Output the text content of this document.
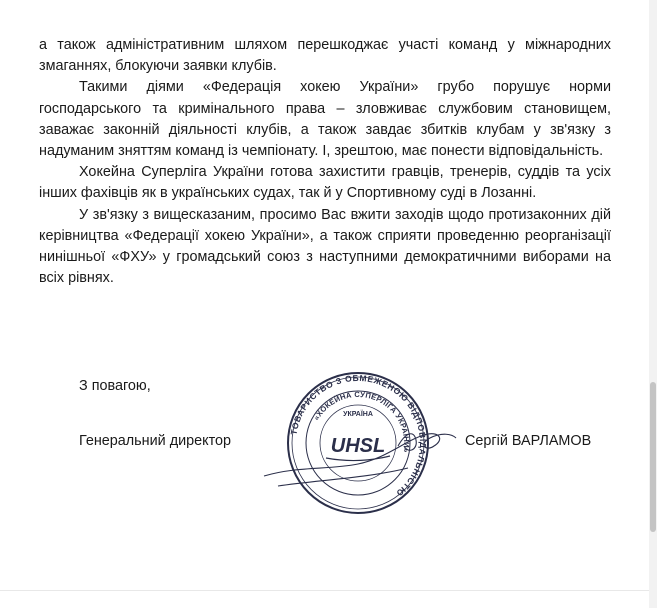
а також адміністративним шляхом перешкоджає участі команд у міжнародних змаганнях, блокуючи заявки клубів.

Такими діями «Федерація хокею України» грубо порушує норми господарського та кримінального права – зловживає службовим становищем, заважає законній діяльності клубів, а також завдає збитків клубам у зв'язку з надуманим зняттям команд із чемпіонату. І, зрештою, має понести відповідальність.

Хокейна Суперліга України готова захистити гравців, тренерів, суддів та усіх інших фахівців як в українських судах, так й у Спортивному суді в Лозанні.

У зв'язку з вищесказаним, просимо Вас вжити заходів щодо протизаконних дій керівництва «Федерації хокею України», а також сприяти проведенню реорганізації нинішньої «ФХУ» у громадський союз з наступними демократичними виборами на всіх рівнях.

З повагою,

Генеральний директор	Сергій ВАРЛАМОВ
ТОВАРИСТВО З ОБМЕЖЕНОЮ ВІДПОВІДАЛЬНІСТЮ
«ХОКЕЙНА СУПЕРЛІГА УКРАЇНИ»
УКРАЇНА
UHSL
